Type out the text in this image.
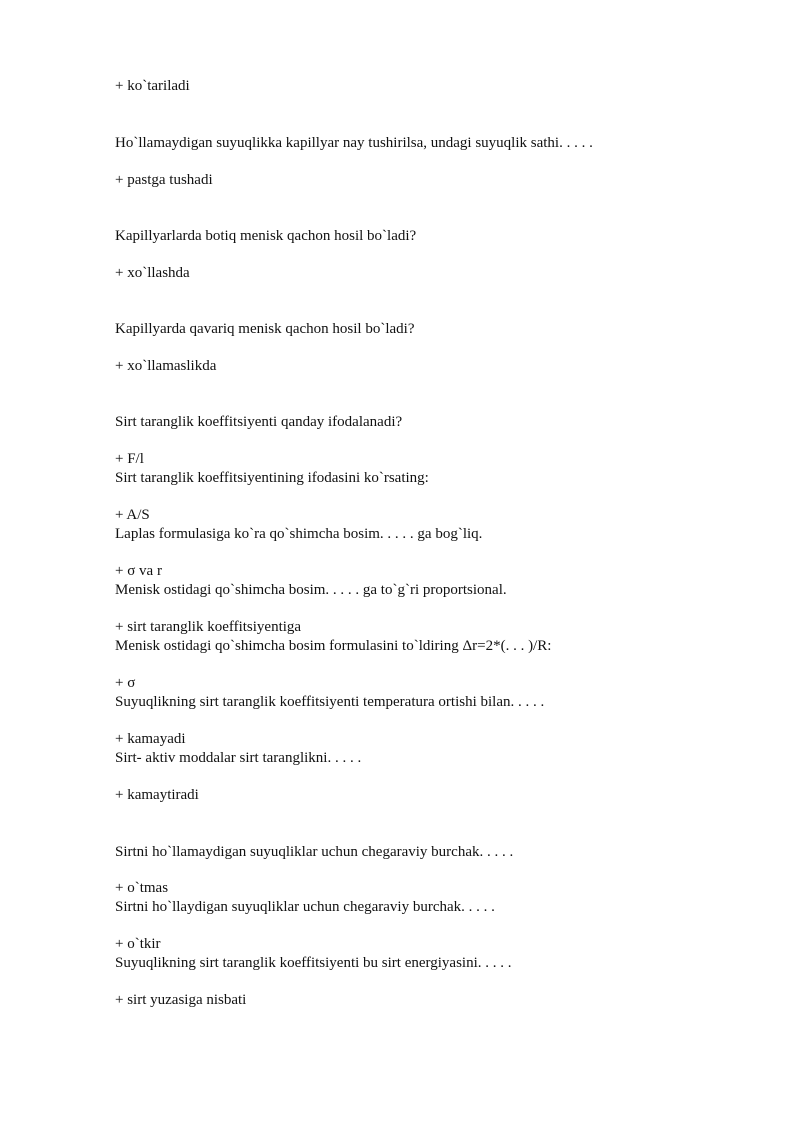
+ ko`tariladi
Ho`llamaydigan suyuqlikka kapillyar nay tushirilsa, undagi suyuqlik sathi. . . . .
+ pastga tushadi
Kapillyarlarda botiq menisk qachon hosil bo`ladi?
+ xo`llashda
Kapillyarda qavariq menisk qachon hosil bo`ladi?
+ xo`llamaslikda
Sirt taranglik koeffitsiyenti qanday ifodalanadi?
+ F/l
Sirt taranglik koeffitsiyentining ifodasini ko`rsating:
+ A/S
Laplas formulasiga ko`ra qo`shimcha bosim. . . . . ga bog`liq.
+ σ va r
Menisk ostidagi qo`shimcha bosim. . . . . ga to`g`ri proportsional.
+ sirt taranglik koeffitsiyentiga
Menisk ostidagi qo`shimcha bosim formulasini to`ldiring Δr=2*(. . . )/R:
+ σ
Suyuqlikning sirt taranglik koeffitsiyenti temperatura ortishi bilan. . . . .
+ kamayadi
Sirt- aktiv moddalar sirt taranglikni. . . . .
+ kamaytiradi
Sirtni ho`llamaydigan suyuqliklar uchun chegaraviy burchak. . . . .
+ o`tmas
Sirtni ho`llaydigan suyuqliklar uchun chegaraviy burchak. . . . .
+ o`tkir
Suyuqlikning sirt taranglik koeffitsiyenti bu sirt energiyasini. . . . .
+ sirt yuzasiga nisbati
